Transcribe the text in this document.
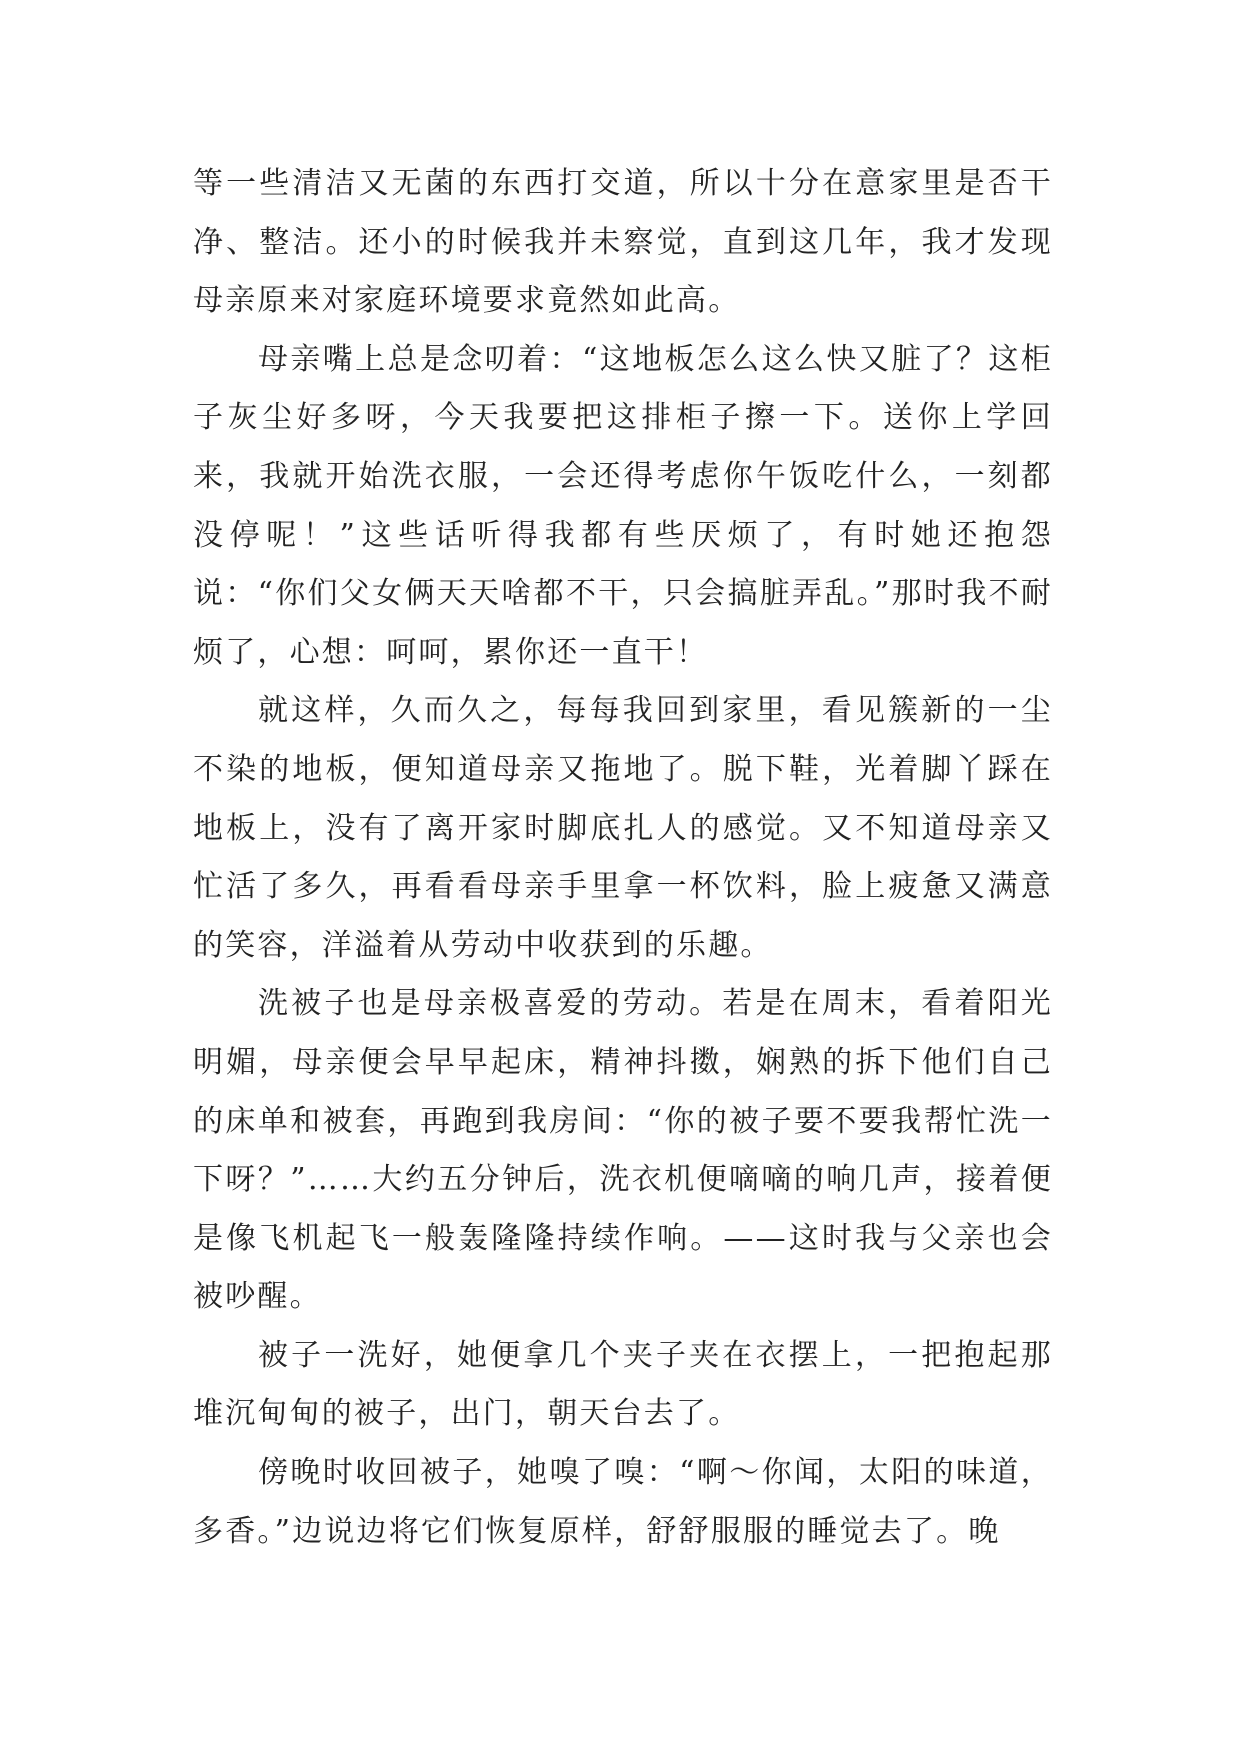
等一些清洁又无菌的东西打交道，所以十分在意家里是否干净、整洁。还小的时候我并未察觉，直到这几年，我才发现母亲原来对家庭环境要求竟然如此高。

母亲嘴上总是念叨着：“这地板怎么这么快又脏了？这柜子灰尘好多呀，今天我要把这排柜子擦一下。送你上学回来，我就开始洗衣服，一会还得考虑你午饭吃什么，一刻都没停呢！”这些话听得我都有些厌烦了，有时她还抱怨说：“你们父女俩天天啥都不干，只会搞脏弄乱。”那时我不耐烦了，心想：呵呵，累你还一直干！

就这样，久而久之，每每我回到家里，看见簇新的一尘不染的地板，便知道母亲又拖地了。脱下鞋，光着脚丫踩在地板上，没有了离开家时脚底扎人的感觉。又不知道母亲又忙活了多久，再看看母亲手里拿一杯饮料，脸上疲惫又满意的笑容，洋溢着从劳动中收获到的乐趣。

洗被子也是母亲极喜爱的劳动。若是在周末，看着阳光明媚，母亲便会早早起床，精神抖擞，娴熟的拆下他们自己的床单和被套，再跑到我房间：“你的被子要不要我帮忙洗一下呀？”……大约五分钟后，洗衣机便嘀嘀的响几声，接着便是像飞机起飞一般轰隆隆持续作响。——这时我与父亲也会被吵醒。

被子一洗好，她便拿几个夹子夹在衣摆上，一把抱起那堆沉甸甸的被子，出门，朝天台去了。

傍晚时收回被子，她嗅了嗅：“啊～你闻，太阳的味道，多香。”边说边将它们恢复原样，舒舒服服的睡觉去了。晚
